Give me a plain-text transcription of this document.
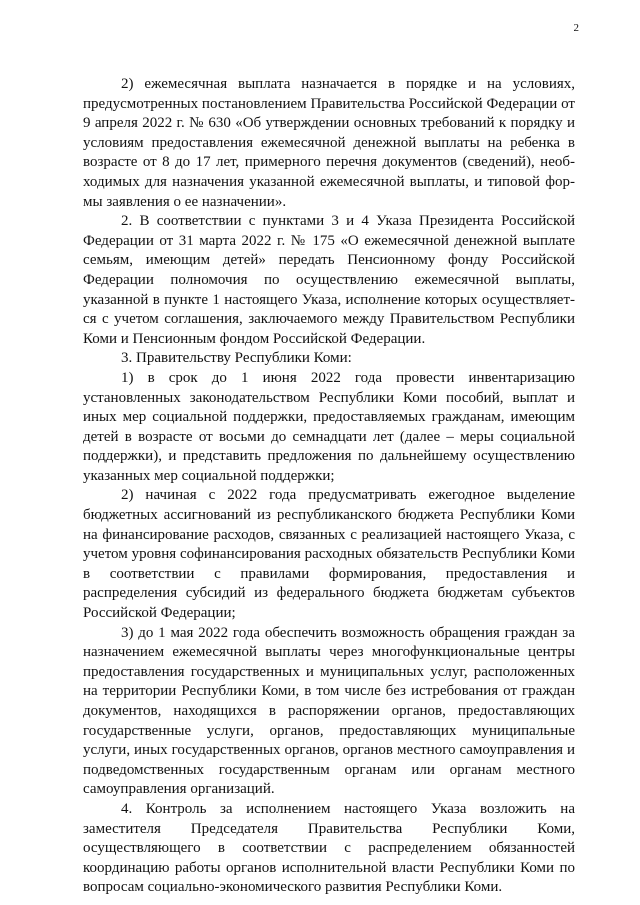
2

2) ежемесячная выплата назначается в порядке и на условиях, предусмотренных постановлением Правительства Российской Федерации от 9 апреля 2022 г. № 630 «Об утверждении основных требований к порядку и условиям предоставления ежемесячной денежной выплаты на ребенка в возрасте от 8 до 17 лет, примерного перечня документов (сведений), необходимых для назначения указанной ежемесячной выплаты, и типовой формы заявления о ее назначении».

2. В соответствии с пунктами 3 и 4 Указа Президента Российской Федерации от 31 марта 2022 г. № 175 «О ежемесячной денежной выплате семьям, имеющим детей» передать Пенсионному фонду Российской Федерации полномочия по осуществлению ежемесячной выплаты, указанной в пункте 1 настоящего Указа, исполнение которых осуществляется с учетом соглашения, заключаемого между Правительством Республики Коми и Пенсионным фондом Российской Федерации.

3. Правительству Республики Коми:

1) в срок до 1 июня 2022 года провести инвентаризацию установленных законодательством Республики Коми пособий, выплат и иных мер социальной поддержки, предоставляемых гражданам, имеющим детей в возрасте от восьми до семнадцати лет (далее – меры социальной поддержки), и представить предложения по дальнейшему осуществлению указанных мер социальной поддержки;

2) начиная с 2022 года предусматривать ежегодное выделение бюджетных ассигнований из республиканского бюджета Республики Коми на финансирование расходов, связанных с реализацией настоящего Указа, с учетом уровня софинансирования расходных обязательств Республики Коми в соответствии с правилами формирования, предоставления и распределения субсидий из федерального бюджета бюджетам субъектов Российской Федерации;

3) до 1 мая 2022 года обеспечить возможность обращения граждан за назначением ежемесячной выплаты через многофункциональные центры предоставления государственных и муниципальных услуг, расположенных на территории Республики Коми, в том числе без истребования от граждан документов, находящихся в распоряжении органов, предоставляющих государственные услуги, органов, предоставляющих муниципальные услуги, иных государственных органов, органов местного самоуправления и подведомственных государственным органам или органам местного самоуправления организаций.

4. Контроль за исполнением настоящего Указа возложить на заместителя Председателя Правительства Республики Коми, осуществляющего в соответствии с распределением обязанностей координацию работы органов исполнительной власти Республики Коми по вопросам социально-экономического развития Республики Коми.
